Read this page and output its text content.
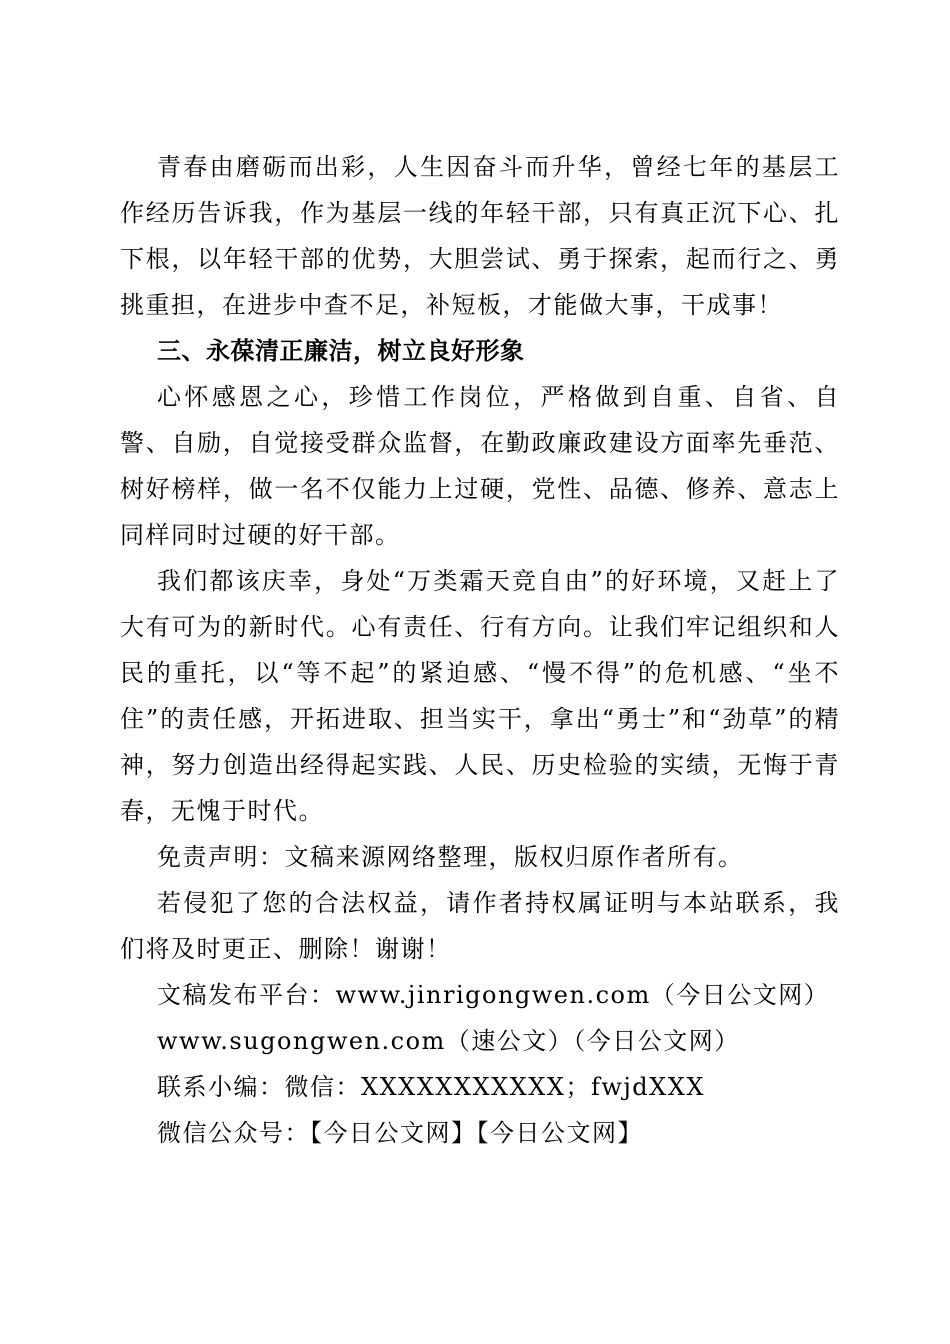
青春由磨砺而出彩，人生因奋斗而升华，曾经七年的基层工作经历告诉我，作为基层一线的年轻干部，只有真正沉下心、扎下根，以年轻干部的优势，大胆尝试、勇于探索，起而行之、勇挑重担，在进步中查不足，补短板，才能做大事，干成事！

三、永葆清正廉洁，树立良好形象

心怀感恩之心，珍惜工作岗位，严格做到自重、自省、自警、自励，自觉接受群众监督，在勤政廉政建设方面率先垂范、树好榜样，做一名不仅能力上过硬，党性、品德、修养、意志上同样同时过硬的好干部。

我们都该庆幸，身处“万类霜天竞自由”的好环境，又赶上了大有可为的新时代。心有责任、行有方向。让我们牢记组织和人民的重托，以“等不起”的紧迫感、“慢不得”的危机感、“坐不住”的责任感，开拓进取、担当实干，拿出“勇士”和“劲草”的精神，努力创造出经得起实践、人民、历史检验的实绩，无悔于青春，无愧于时代。

免责声明：文稿来源网络整理，版权归原作者所有。

若侵犯了您的合法权益，请作者持权属证明与本站联系，我们将及时更正、删除！谢谢！

文稿发布平台：www.jinrigongwen.com（今日公文网）

www.sugongwen.com（速公文）（今日公文网）

联系小编：微信：XXXXXXXXXXX；fwjdXXX

微信公众号：【今日公文网】【今日公文网】
